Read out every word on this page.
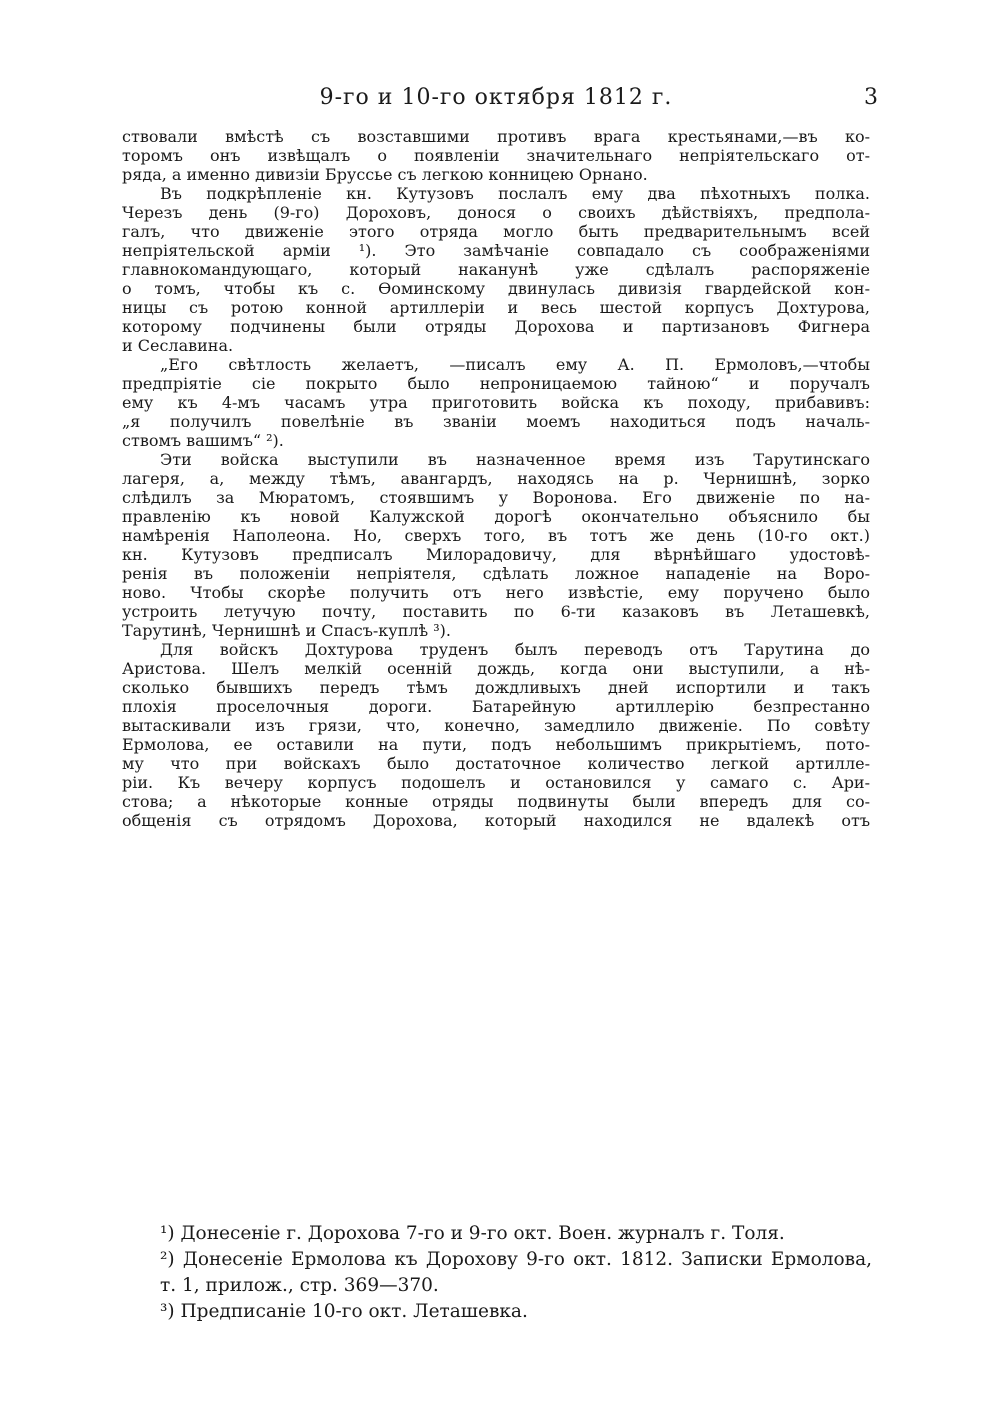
9-го и 10-го октября 1812 г.	3
ствовали вмѣстѣ съ возставшими противъ врага крестьянами,—въ ко-
торомъ онъ извѣщалъ о появленіи значительнаго непріятельскаго от-
ряда, а именно дивизіи Бруссье съ легкою конницею Орнано.
Въ подкрѣпленіе кн. Кутузовъ послалъ ему два пѣхотныхъ полка.
Черезъ день (9-го) Дороховъ, донося о своихъ дѣйствіяхъ, предпола-
галъ, что движеніе этого отряда могло быть предварительнымъ всей
непріятельской арміи ¹). Это замѣчаніе совпадало съ соображеніями
главнокомандующаго, который наканунѣ уже сдѣлалъ распоряженіе
о томъ, чтобы къ с. Ѳоминскому двинулась дивизія гвардейской кон-
ницы съ ротою конной артиллеріи и весь шестой корпусъ Дохтурова,
которому подчинены были отряды Дорохова и партизановъ Фигнера
и Сеславина.
„Его свѣтлость желаетъ, —писалъ ему А. П. Ермоловъ,—чтобы
предпріятіе сіе покрыто было непроницаемою тайною“ и поручалъ
ему къ 4-мъ часамъ утра приготовить войска къ походу, прибавивъ:
„я получилъ повелѣніе въ званіи моемъ находиться подъ началь-
ствомъ вашимъ“ ²).
Эти войска выступили въ назначенное время изъ Тарутинскаго
лагеря, а, между тѣмъ, авангардъ, находясь на р. Чернишнѣ, зорко
слѣдилъ за Мюратомъ, стоявшимъ у Воронова. Его движеніе по на-
правленію къ новой Калужской дорогѣ окончательно объяснило бы
намѣренія Наполеона. Но, сверхъ того, въ тотъ же день (10-го окт.)
кн. Кутузовъ предписалъ Милорадовичу, для вѣрнѣйшаго удостовѣ-
ренія въ положеніи непріятеля, сдѣлать ложное нападеніе на Воро-
ново. Чтобы скорѣе получить отъ него извѣстіе, ему поручено было
устроить летучую почту, поставить по 6-ти казаковъ въ Леташевкѣ,
Тарутинѣ, Чернишнѣ и Спасъ-куплѣ ³).
Для войскъ Дохтурова труденъ былъ переводъ отъ Тарутина до
Аристова. Шелъ мелкій осенній дождь, когда они выступили, а нѣ-
сколько бывшихъ передъ тѣмъ дождливыхъ дней испортили и такъ
плохія проселочныя дороги. Батарейную артиллерію безпрестанно
вытаскивали изъ грязи, что, конечно, замедлило движеніе. По совѣту
Ермолова, ее оставили на пути, подъ небольшимъ прикрытіемъ, пото-
му что при войскахъ было достаточное количество легкой артилле-
ріи. Къ вечеру корпусъ подошелъ и остановился у самаго с. Ари-
стова; а нѣкоторые конные отряды подвинуты были впередъ для со-
общенія съ отрядомъ Дорохова, который находился не вдалекѣ отъ
¹) Донесеніе г. Дорохова 7-го и 9-го окт. Воен. журналъ г. Толя.
²) Донесеніе Ермолова къ Дорохову 9-го окт. 1812. Записки Ермолова,
т. 1, прилож., стр. 369—370.
³) Предписаніе 10-го окт. Леташевка.
